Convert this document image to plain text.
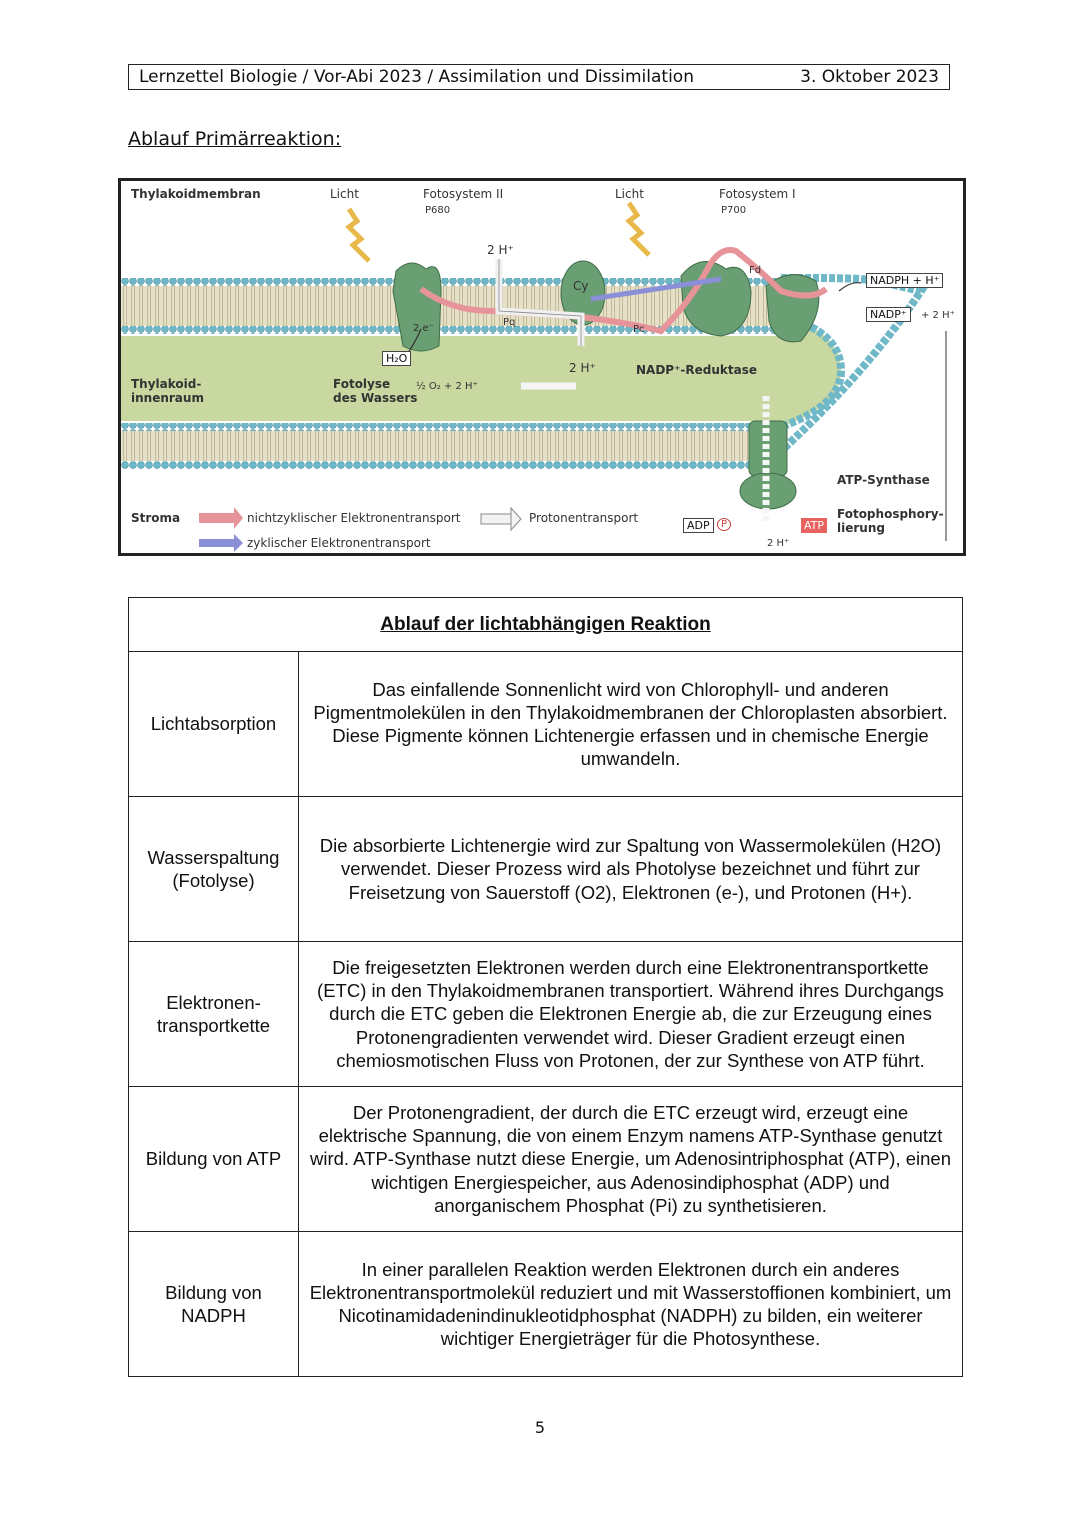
Lernzettel Biologie / Vor-Abi 2023 / Assimilation und Dissimilation	3. Oktober 2023
Ablauf Primärreaktion:
Thylakoidmembran	Licht	Fotosystem II
P680
Licht	Fotosystem I
P700
2 H⁺
Cy
Fd
Pq
Pc
2 e⁻
H₂O
2 H⁺	NADP⁺-Reduktase
NADPH + H⁺
NADP⁺	+ 2 H⁺
Thylakoid-
innenraum
Fotolyse
des Wassers
½ O₂ + 2 H⁺
ATP-Synthase
Stroma	nichtzyklischer Elektronentransport
zyklischer Elektronentransport
Protonentransport
ADP	P	ATP
Fotophosphory-
lierung
2 H⁺
Ablauf der lichtabhängigen Reaktion	
Lichtabsorption	Das einfallende Sonnenlicht wird von Chlorophyll- und anderen Pigmentmolekülen in den Thylakoidmembranen der Chloroplasten absorbiert. Diese Pigmente können Lichtenergie erfassen und in chemische Energie umwandeln.
Wasserspaltung (Fotolyse)	Die absorbierte Lichtenergie wird zur Spaltung von Wassermolekülen (H2O) verwendet. Dieser Prozess wird als Photolyse bezeichnet und führt zur Freisetzung von Sauerstoff (O2), Elektronen (e-), und Protonen (H+).
Elektronen- transportkette	Die freigesetzten Elektronen werden durch eine Elektronentransportkette (ETC) in den Thylakoidmembranen transportiert. Während ihres Durchgangs durch die ETC geben die Elektronen Energie ab, die zur Erzeugung eines Protonengradienten verwendet wird. Dieser Gradient erzeugt einen chemiosmotischen Fluss von Protonen, der zur Synthese von ATP führt.
Bildung von ATP	Der Protonengradient, der durch die ETC erzeugt wird, erzeugt eine elektrische Spannung, die von einem Enzym namens ATP-Synthase genutzt wird. ATP-Synthase nutzt diese Energie, um Adenosintriphosphat (ATP), einen wichtigen Energiespeicher, aus Adenosindiphosphat (ADP) und anorganischem Phosphat (Pi) zu synthetisieren.
Bildung von NADPH	In einer parallelen Reaktion werden Elektronen durch ein anderes Elektronentransportmolekül reduziert und mit Wasserstoffionen kombiniert, um Nicotinamidadenindinukleotidphosphat (NADPH) zu bilden, ein weiterer wichtiger Energieträger für die Photosynthese.
5
